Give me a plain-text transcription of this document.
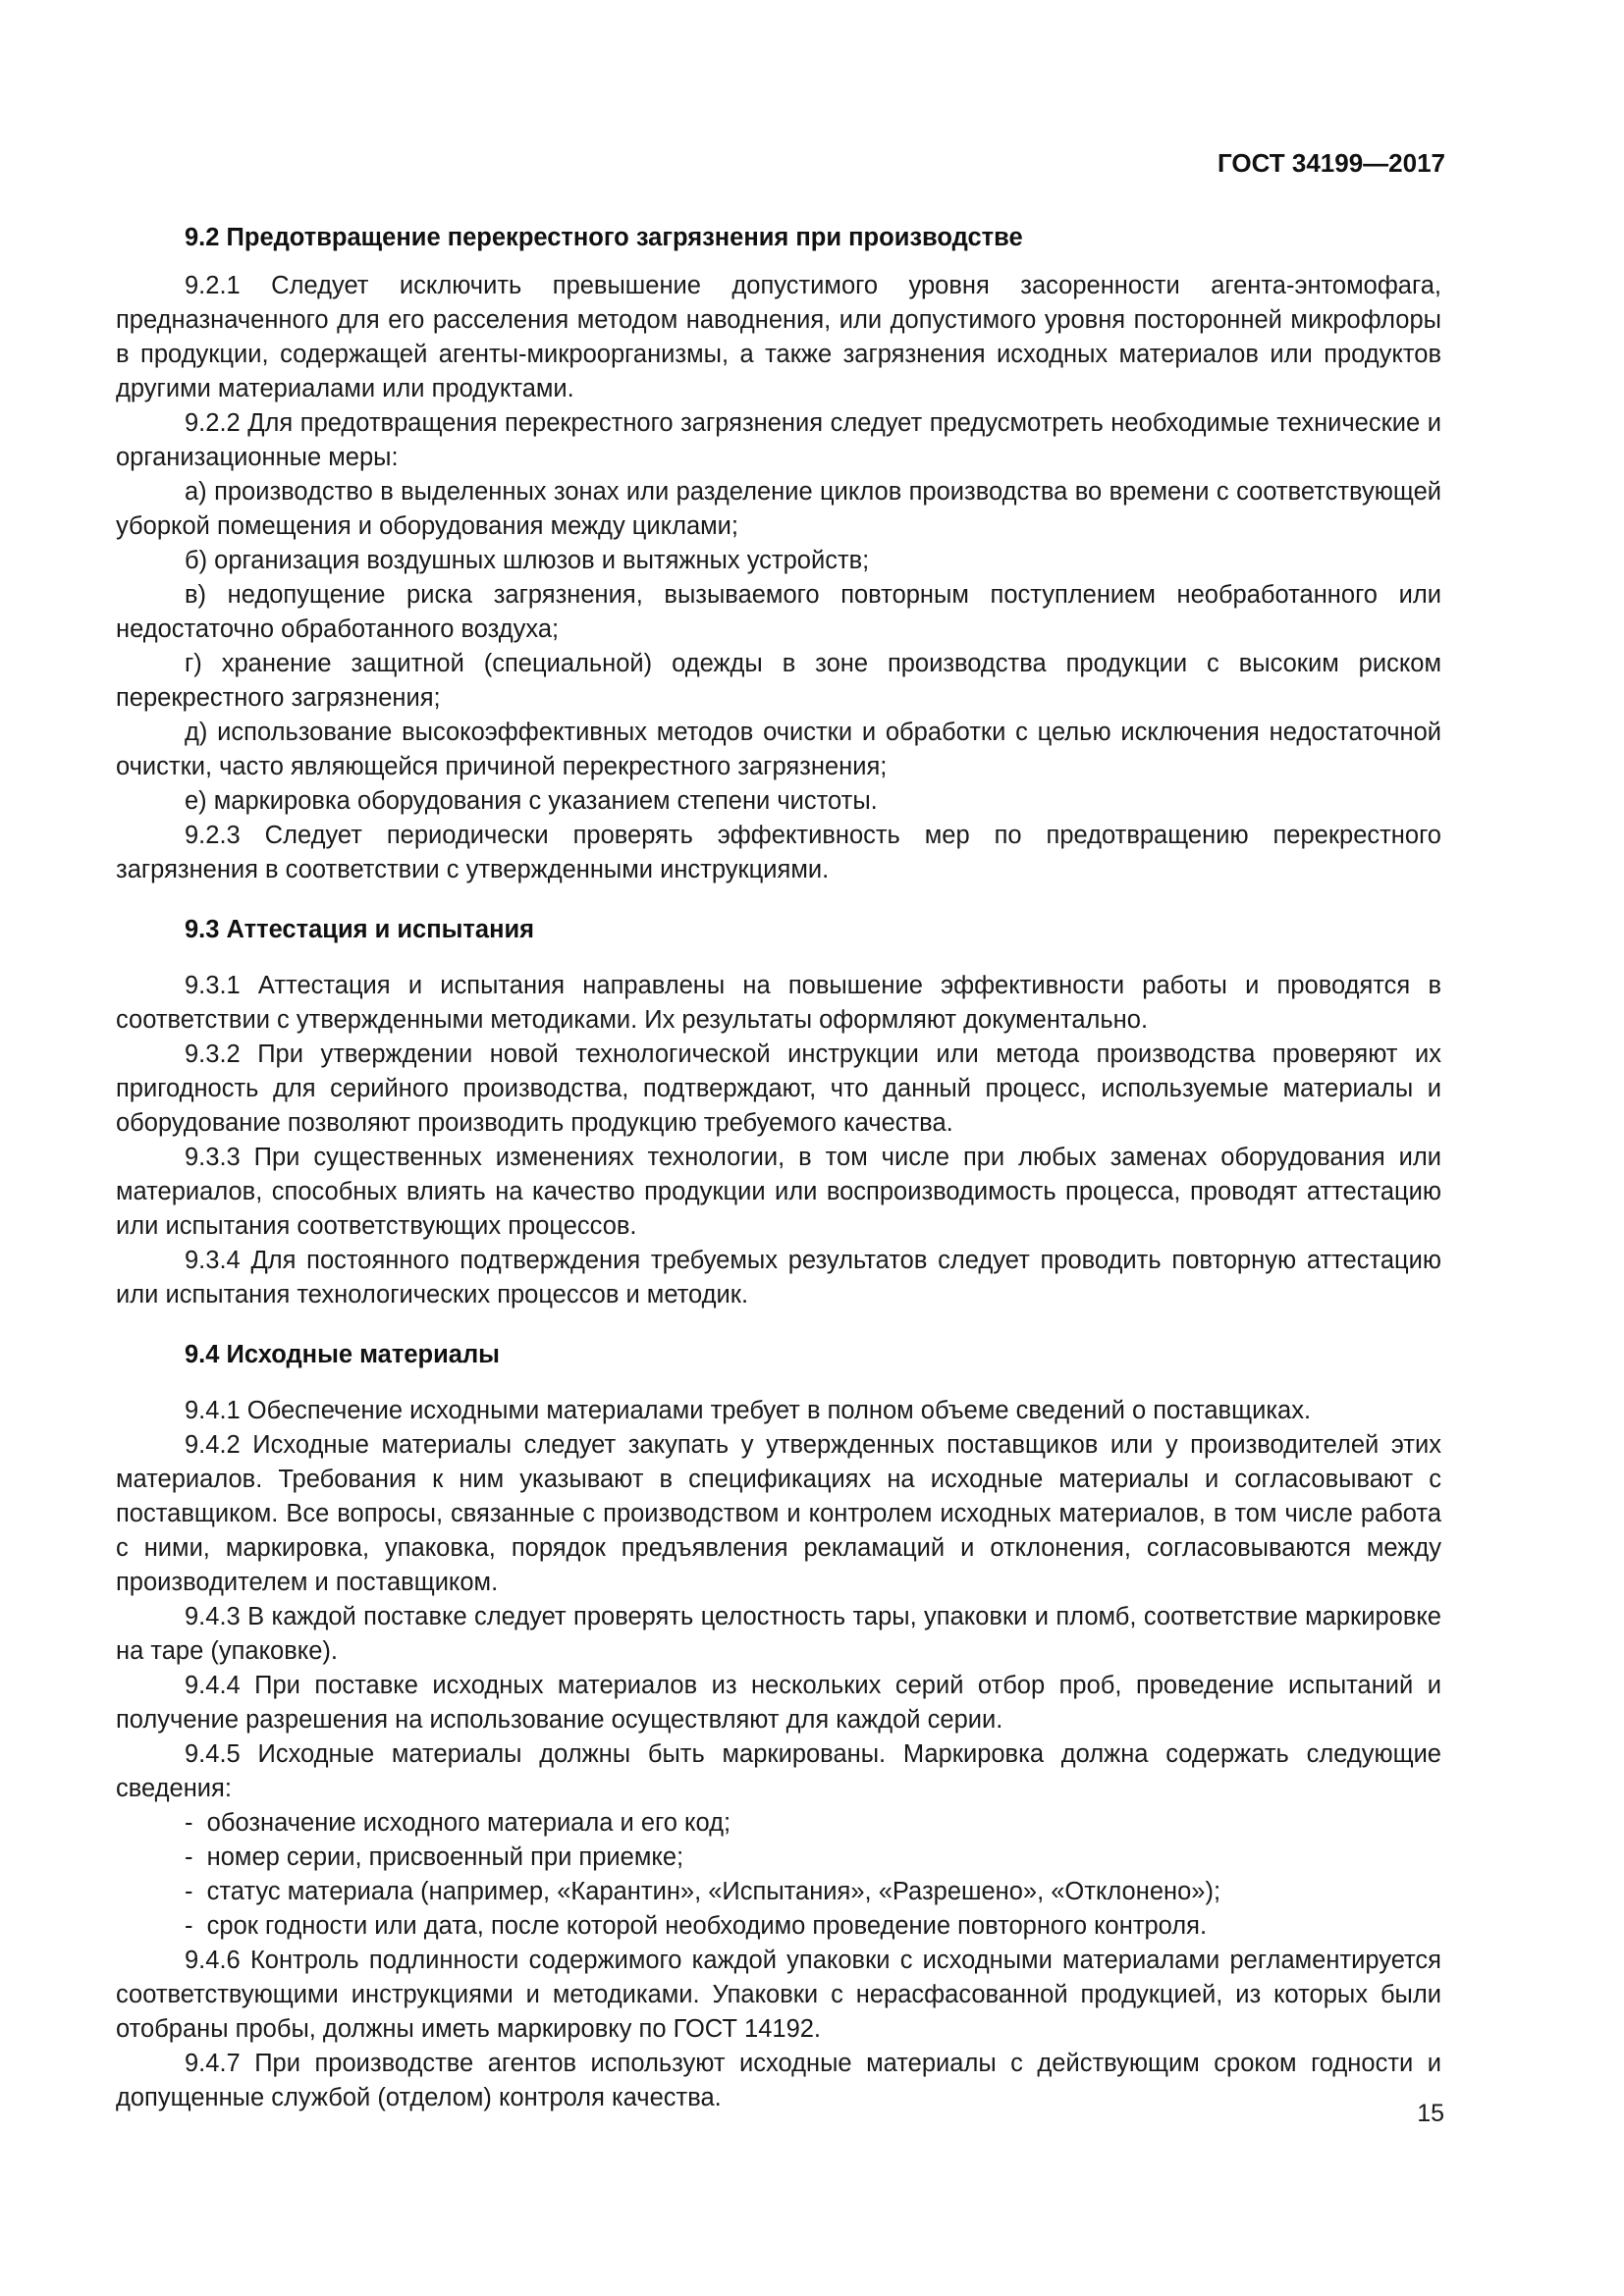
ГОСТ 34199—2017

9.2 Предотвращение перекрестного загрязнения при производстве

9.2.1 Следует исключить превышение допустимого уровня засоренности агента-энтомофага, предназначенного для его расселения методом наводнения, или допустимого уровня посторонней микрофлоры в продукции, содержащей агенты-микроорганизмы, а также загрязнения исходных материалов или продуктов другими материалами или продуктами.

9.2.2 Для предотвращения перекрестного загрязнения следует предусмотреть необходимые технические и организационные меры:

а) производство в выделенных зонах или разделение циклов производства во времени с соответствующей уборкой помещения и оборудования между циклами;

б) организация воздушных шлюзов и вытяжных устройств;

в) недопущение риска загрязнения, вызываемого повторным поступлением необработанного или недостаточно обработанного воздуха;

г) хранение защитной (специальной) одежды в зоне производства продукции с высоким риском перекрестного загрязнения;

д) использование высокоэффективных методов очистки и обработки с целью исключения недостаточной очистки, часто являющейся причиной перекрестного загрязнения;

е) маркировка оборудования с указанием степени чистоты.

9.2.3 Следует периодически проверять эффективность мер по предотвращению перекрестного загрязнения в соответствии с утвержденными инструкциями.

9.3 Аттестация и испытания

9.3.1 Аттестация и испытания направлены на повышение эффективности работы и проводятся в соответствии с утвержденными методиками. Их результаты оформляют документально.

9.3.2 При утверждении новой технологической инструкции или метода производства проверяют их пригодность для серийного производства, подтверждают, что данный процесс, используемые материалы и оборудование позволяют производить продукцию требуемого качества.

9.3.3 При существенных изменениях технологии, в том числе при любых заменах оборудования или материалов, способных влиять на качество продукции или воспроизводимость процесса, проводят аттестацию или испытания соответствующих процессов.

9.3.4 Для постоянного подтверждения требуемых результатов следует проводить повторную аттестацию или испытания технологических процессов и методик.

9.4 Исходные материалы

9.4.1 Обеспечение исходными материалами требует в полном объеме сведений о поставщиках.

9.4.2 Исходные материалы следует закупать у утвержденных поставщиков или у производителей этих материалов. Требования к ним указывают в спецификациях на исходные материалы и согласовывают с поставщиком. Все вопросы, связанные с производством и контролем исходных материалов, в том числе работа с ними, маркировка, упаковка, порядок предъявления рекламаций и отклонения, согласовываются между производителем и поставщиком.

9.4.3 В каждой поставке следует проверять целостность тары, упаковки и пломб, соответствие маркировке на таре (упаковке).

9.4.4 При поставке исходных материалов из нескольких серий отбор проб, проведение испытаний и получение разрешения на использование осуществляют для каждой серии.

9.4.5 Исходные материалы должны быть маркированы. Маркировка должна содержать следующие сведения:

-  обозначение исходного материала и его код;

-  номер серии, присвоенный при приемке;

-  статус материала (например, «Карантин», «Испытания», «Разрешено», «Отклонено»);

-  срок годности или дата, после которой необходимо проведение повторного контроля.

9.4.6 Контроль подлинности содержимого каждой упаковки с исходными материалами регламентируется соответствующими инструкциями и методиками. Упаковки с нерасфасованной продукцией, из которых были отобраны пробы, должны иметь маркировку по ГОСТ 14192.

9.4.7 При производстве агентов используют исходные материалы с действующим сроком годности и допущенные службой (отделом) контроля качества.

15
